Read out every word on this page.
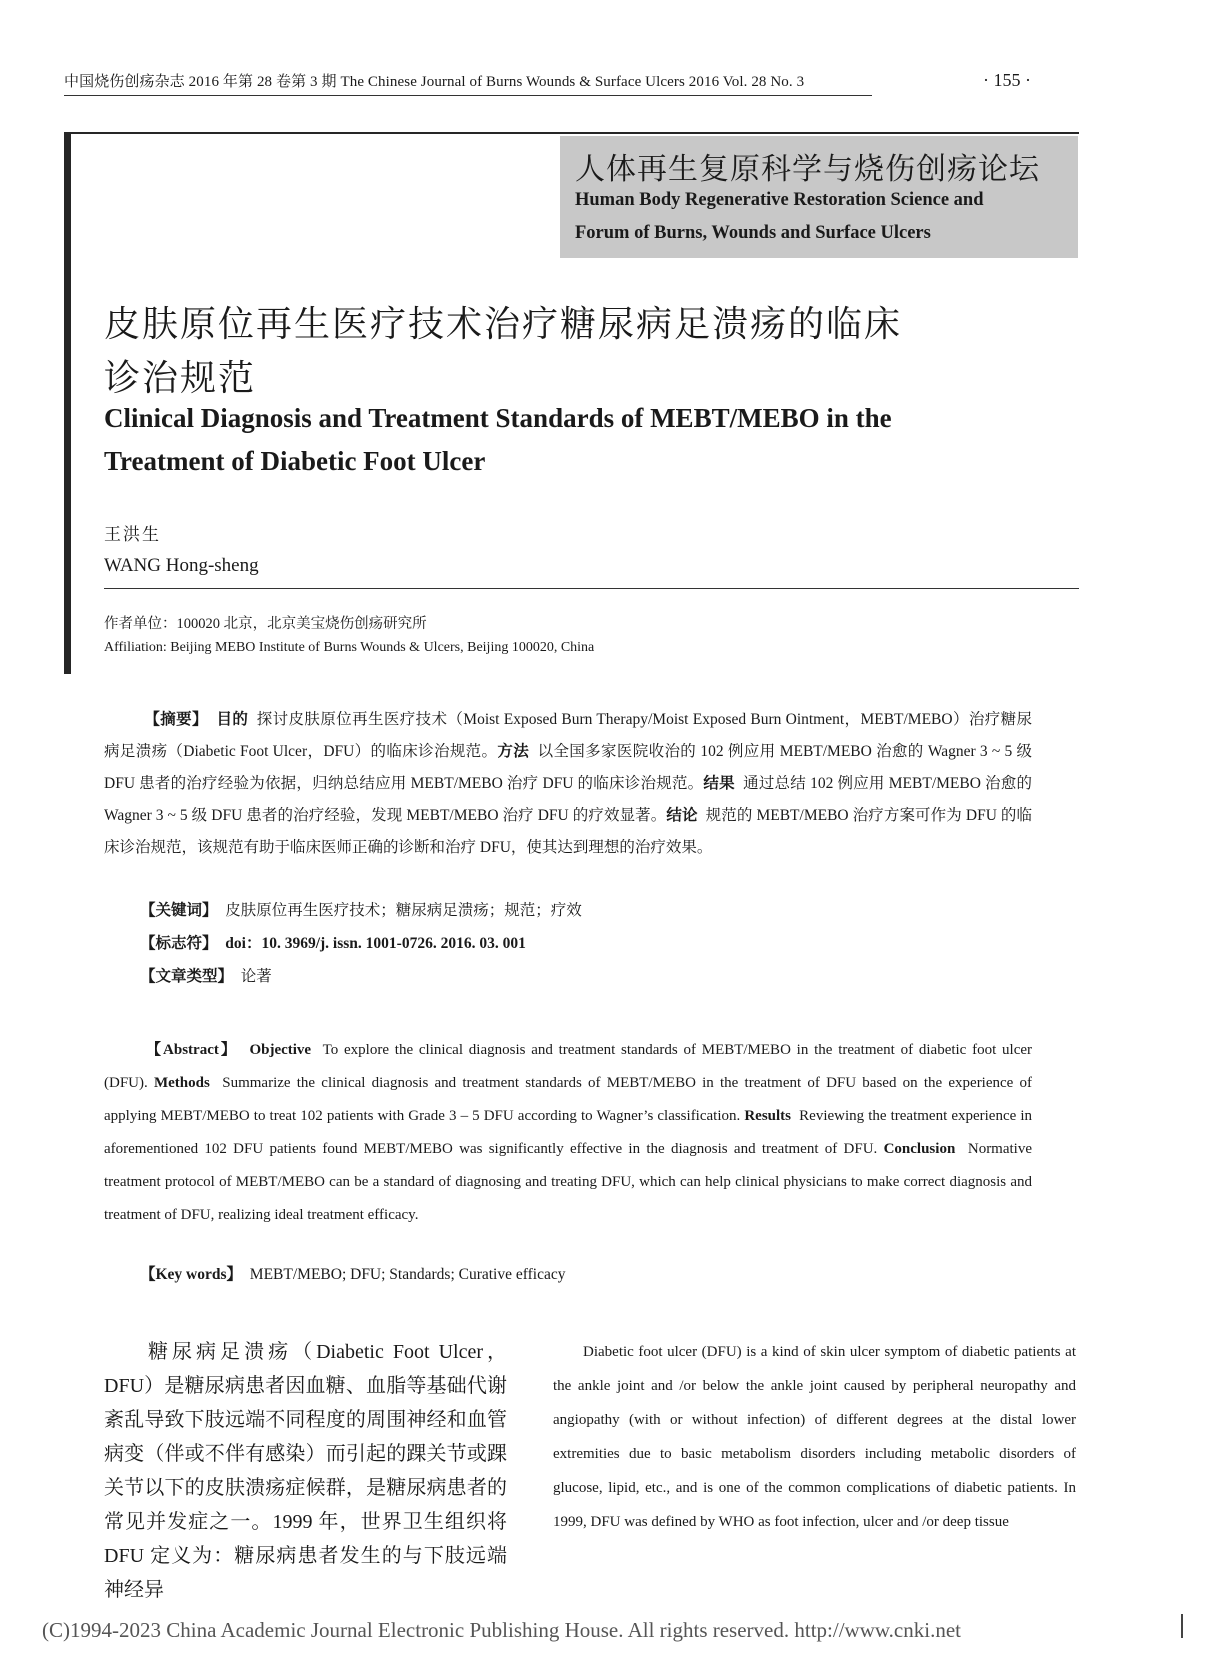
中国烧伤创疡杂志 2016 年第 28 卷第 3 期 The Chinese Journal of Burns Wounds & Surface Ulcers 2016 Vol. 28 No. 3	· 155 ·
人体再生复原科学与烧伤创疡论坛
Human Body Regenerative Restoration Science and
Forum of Burns, Wounds and Surface Ulcers
皮肤原位再生医疗技术治疗糖尿病足溃疡的临床
诊治规范
Clinical Diagnosis and Treatment Standards of MEBT/MEBO in the
Treatment of Diabetic Foot Ulcer
王洪生
WANG Hong-sheng
作者单位：100020 北京，北京美宝烧伤创疡研究所
Affiliation: Beijing MEBO Institute of Burns Wounds & Ulcers, Beijing 100020, China
【摘要】 目的 探讨皮肤原位再生医疗技术（Moist Exposed Burn Therapy/Moist Exposed Burn Ointment，MEBT/MEBO）治疗糖尿病足溃疡（Diabetic Foot Ulcer，DFU）的临床诊治规范。方法 以全国多家医院收治的 102 例应用 MEBT/MEBO 治愈的 Wagner 3 ~ 5 级 DFU 患者的治疗经验为依据，归纳总结应用 MEBT/MEBO 治疗 DFU 的临床诊治规范。结果 通过总结 102 例应用 MEBT/MEBO 治愈的 Wagner 3 ~ 5 级 DFU 患者的治疗经验，发现 MEBT/MEBO 治疗 DFU 的疗效显著。结论 规范的 MEBT/MEBO 治疗方案可作为 DFU 的临床诊治规范，该规范有助于临床医师正确的诊断和治疗 DFU，使其达到理想的治疗效果。
【关键词】 皮肤原位再生医疗技术；糖尿病足溃疡；规范；疗效
【标志符】 doi：10. 3969/j. issn. 1001-0726. 2016. 03. 001
【文章类型】 论著
【Abstract】 Objective To explore the clinical diagnosis and treatment standards of MEBT/MEBO in the treatment of diabetic foot ulcer (DFU). Methods Summarize the clinical diagnosis and treatment standards of MEBT/MEBO in the treatment of DFU based on the experience of applying MEBT/MEBO to treat 102 patients with Grade 3 – 5 DFU according to Wagner’s classification. Results Reviewing the treatment experience in aforementioned 102 DFU patients found MEBT/MEBO was significantly effective in the diagnosis and treatment of DFU. Conclusion Normative treatment protocol of MEBT/MEBO can be a standard of diagnosing and treating DFU, which can help clinical physicians to make correct diagnosis and treatment of DFU, realizing ideal treatment efficacy.
【Key words】 MEBT/MEBO; DFU; Standards; Curative efficacy
糖尿病足溃疡（Diabetic Foot Ulcer，DFU）是糖尿病患者因血糖、血脂等基础代谢紊乱导致下肢远端不同程度的周围神经和血管病变（伴或不伴有感染）而引起的踝关节或踝关节以下的皮肤溃疡症候群，是糖尿病患者的常见并发症之一。1999 年，世界卫生组织将 DFU 定义为：糖尿病患者发生的与下肢远端神经异
Diabetic foot ulcer (DFU) is a kind of skin ulcer symptom of diabetic patients at the ankle joint and /or below the ankle joint caused by peripheral neuropathy and angiopathy (with or without infection) of different degrees at the distal lower extremities due to basic metabolism disorders including metabolic disorders of glucose, lipid, etc., and is one of the common complications of diabetic patients. In 1999, DFU was defined by WHO as foot infection, ulcer and /or deep tissue
(C)1994-2023 China Academic Journal Electronic Publishing House. All rights reserved. http://www.cnki.net
